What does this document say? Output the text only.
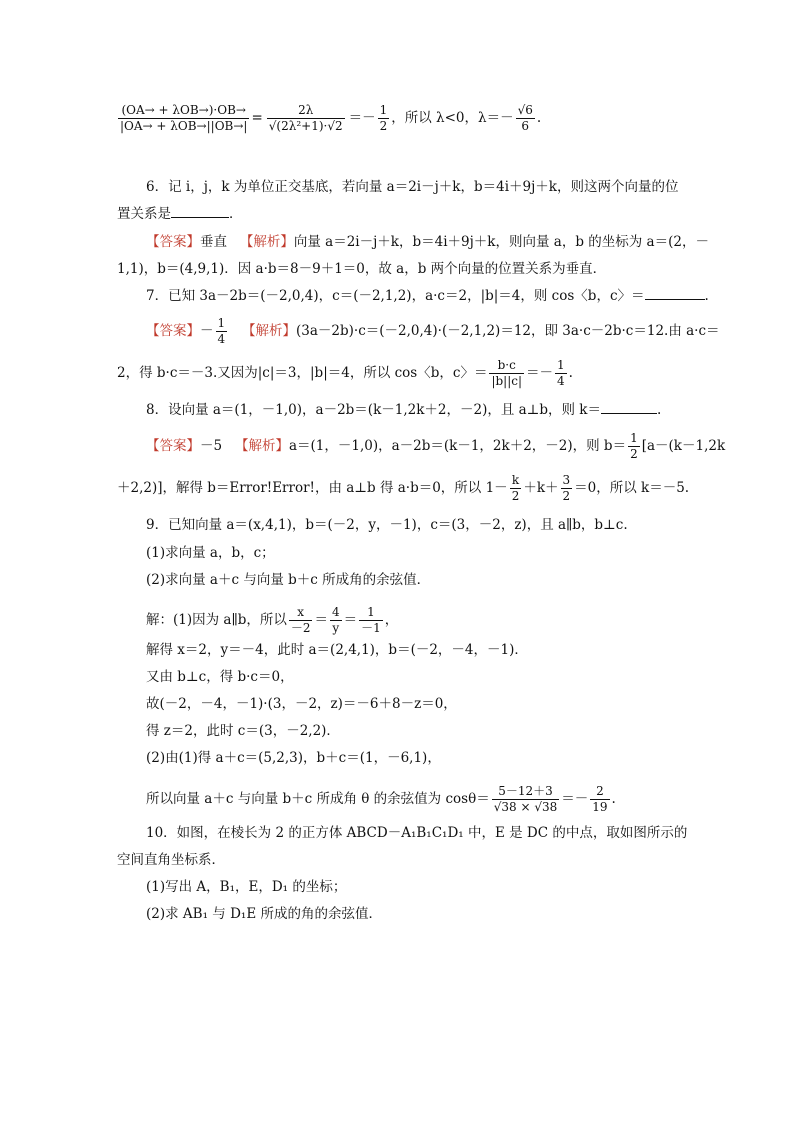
$\frac{\text{(OA→ + λOB→)·OB→}}{\text{|OA→ + λOB→||OB→|}} = \frac{2\lambda}{\text{√(2λ²+1)·√2}} =- \frac{1}{2}$ ，所以 λ<0，$\lambda=- \frac{√6}{6}$ .
6．记 i，j，k 为单位正交基底，若向量 a＝2i－j＋k，b＝4i＋9j＋k，则这两个向量的位
置关系是	．
【答案】垂直 【解析】向量 a＝2i－j＋k，b＝4i＋9j＋k，则向量 a，b 的坐标为 a＝(2，－
1,1)，b＝(4,9,1)．因 a·b＝8－9＋1＝0，故 a，b 两个向量的位置关系为垂直．
7．已知 3a－2b＝(－2,0,4)，c＝(－2,1,2)，a·c＝2，|b|＝4，则 cos〈b，c〉＝	.
【答案】－ $\frac{1}{4}$ 【解析】(3a－2b)·c＝(－2,0,4)·(－2,1,2)＝12，即 3a·c－2b·c＝12.由 a·c＝
2，得 b·c＝－3.又因为|c|＝3，|b|＝4，所以 cos〈b，c〉＝ $\frac{b\cdot c}{|b||c|} =- \frac{1}{4}$ .
8．设向量 a＝(1，－1,0)，a－2b＝(k－1,2k＋2，－2)，且 a⊥b，则 k＝	.
【答案】－5 【解析】a＝(1，－1,0)，a－2b＝(k－1，2k＋2，－2)，则 $b= \frac{1}{2} [a-(k-1,2k$
＋2,2)]，解得 b＝Error!Error!，由 a⊥b 得 a·b＝0，所以 $1- \frac{k}{2} +k+ \frac{3}{2} =0$，所以 k＝－5.
9．已知向量 a＝(x,4,1)，b＝(－2，y，－1)，c＝(3，－2，z)，且 a∥b，b⊥c.
(1)求向量 a，b，c；
(2)求向量 a＋c 与向量 b＋c 所成角的余弦值．
解：(1)因为 a∥b，所以 $\frac{x}{-2} = \frac{4}{y} = \frac{1}{-1}$ ，
解得 x＝2，y＝－4，此时 a＝(2,4,1)，b＝(－2，－4，－1)．
又由 b⊥c，得 b·c＝0，
故(－2，－4，－1)·(3，－2，z)＝－6＋8－z＝0，
得 z＝2，此时 c＝(3，－2,2)．
(2)由(1)得 a＋c＝(5,2,3)，b＋c＝(1，－6,1)，
所以向量 a＋c 与向量 b＋c 所成角 θ 的余弦值为 $\cos\theta= \frac{5-12+3}{√38 \times √38} =- \frac{2}{19}$ .
10．如图，在棱长为 2 的正方体 ABCD－A₁B₁C₁D₁ 中，E 是 DC 的中点，取如图所示的
空间直角坐标系．
(1)写出 A，B₁，E，D₁ 的坐标；
(2)求 AB₁ 与 D₁E 所成的角的余弦值．
